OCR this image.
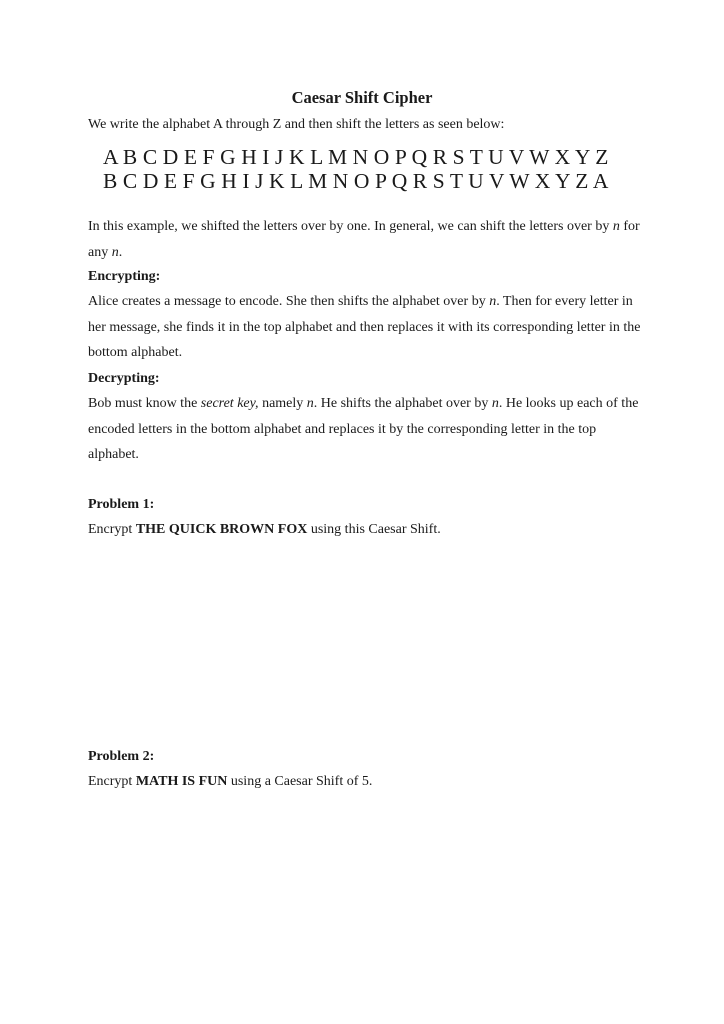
Caesar Shift Cipher
We write the alphabet A through Z and then shift the letters as seen below:
A B C D E F G H I J K L M N O P Q R S T U V W X Y Z
B C D E F G H I J K L M N O P Q R S T U V W X Y Z A
In this example, we shifted the letters over by one. In general, we can shift the letters over by n for any n.
Encrypting:
Alice creates a message to encode. She then shifts the alphabet over by n. Then for every letter in her message, she finds it in the top alphabet and then replaces it with its corresponding letter in the bottom alphabet.
Decrypting:
Bob must know the secret key, namely n. He shifts the alphabet over by n. He looks up each of the encoded letters in the bottom alphabet and replaces it by the corresponding letter in the top alphabet.
Problem 1:
Encrypt THE QUICK BROWN FOX using this Caesar Shift.
Problem 2:
Encrypt MATH IS FUN using a Caesar Shift of 5.
